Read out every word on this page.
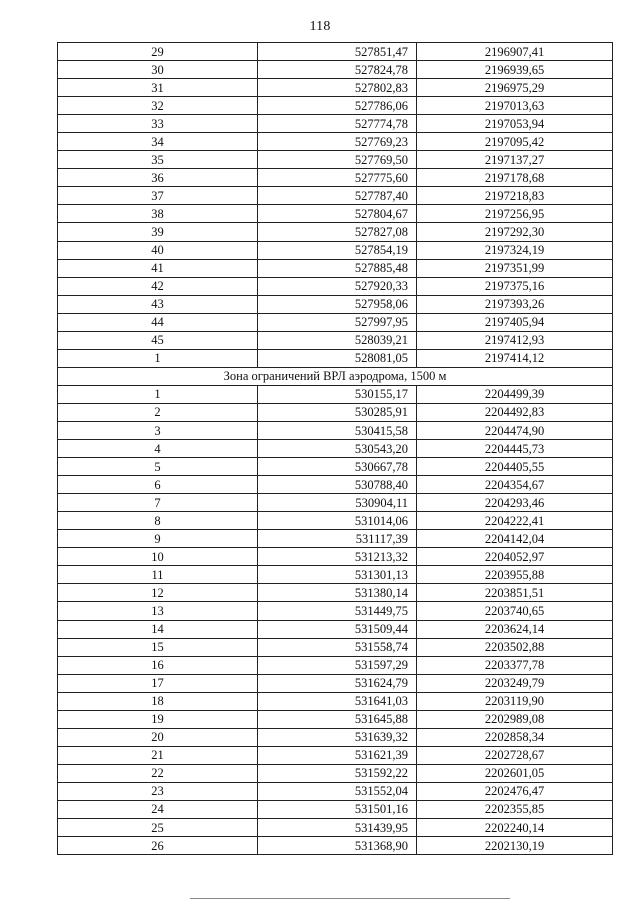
118
29	527851,47	2196907,41
30	527824,78	2196939,65
31	527802,83	2196975,29
32	527786,06	2197013,63
33	527774,78	2197053,94
34	527769,23	2197095,42
35	527769,50	2197137,27
36	527775,60	2197178,68
37	527787,40	2197218,83
38	527804,67	2197256,95
39	527827,08	2197292,30
40	527854,19	2197324,19
41	527885,48	2197351,99
42	527920,33	2197375,16
43	527958,06	2197393,26
44	527997,95	2197405,94
45	528039,21	2197412,93
1	528081,05	2197414,12
Зона ограничений ВРЛ аэродрома, 1500 м		
1	530155,17	2204499,39
2	530285,91	2204492,83
3	530415,58	2204474,90
4	530543,20	2204445,73
5	530667,78	2204405,55
6	530788,40	2204354,67
7	530904,11	2204293,46
8	531014,06	2204222,41
9	531117,39	2204142,04
10	531213,32	2204052,97
11	531301,13	2203955,88
12	531380,14	2203851,51
13	531449,75	2203740,65
14	531509,44	2203624,14
15	531558,74	2203502,88
16	531597,29	2203377,78
17	531624,79	2203249,79
18	531641,03	2203119,90
19	531645,88	2202989,08
20	531639,32	2202858,34
21	531621,39	2202728,67
22	531592,22	2202601,05
23	531552,04	2202476,47
24	531501,16	2202355,85
25	531439,95	2202240,14
26	531368,90	2202130,19
